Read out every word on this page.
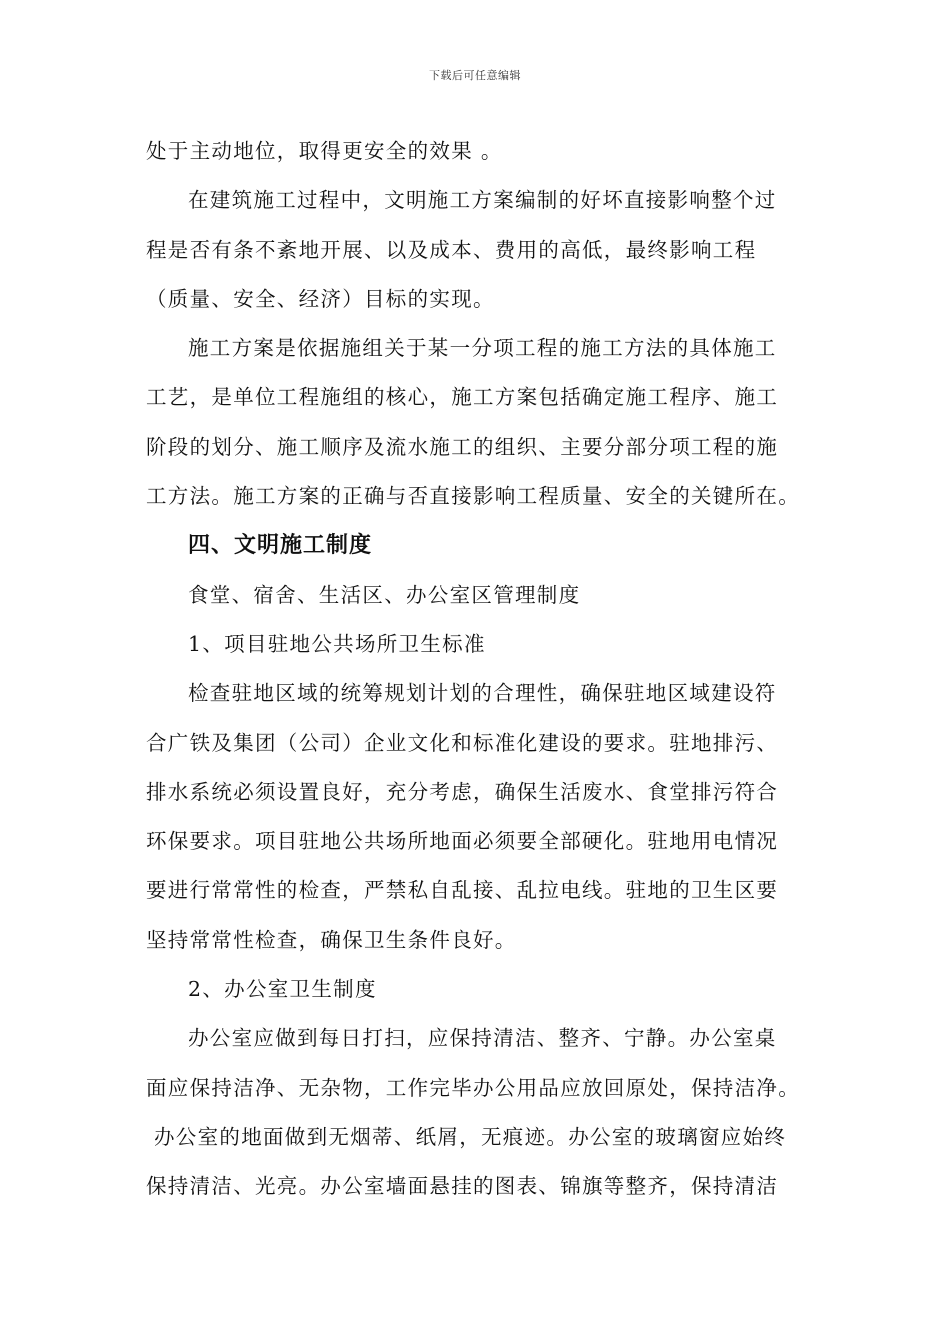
下载后可任意编辑
处于主动地位，取得更安全的效果 。
在建筑施工过程中，文明施工方案编制的好坏直接影响整个过
程是否有条不紊地开展、以及成本、费用的高低，最终影响工程
（质量、安全、经济）目标的实现。
施工方案是依据施组关于某一分项工程的施工方法的具体施工
工艺，是单位工程施组的核心，施工方案包括确定施工程序、施工
阶段的划分、施工顺序及流水施工的组织、主要分部分项工程的施
工方法。施工方案的正确与否直接影响工程质量、安全的关键所在。
四、文明施工制度
食堂、宿舍、生活区、办公室区管理制度
1、项目驻地公共场所卫生标准
检查驻地区域的统筹规划计划的合理性，确保驻地区域建设符
合广铁及集团（公司）企业文化和标准化建设的要求。驻地排污、
排水系统必须设置良好，充分考虑，确保生活废水、食堂排污符合
环保要求。项目驻地公共场所地面必须要全部硬化。驻地用电情况
要进行常常性的检查，严禁私自乱接、乱拉电线。驻地的卫生区要
坚持常常性检查，确保卫生条件良好。
2、办公室卫生制度
办公室应做到每日打扫，应保持清洁、整齐、宁静。办公室桌
面应保持洁净、无杂物，工作完毕办公用品应放回原处，保持洁净。
办公室的地面做到无烟蒂、纸屑，无痕迹。办公室的玻璃窗应始终
保持清洁、光亮。办公室墙面悬挂的图表、锦旗等整齐，保持清洁
